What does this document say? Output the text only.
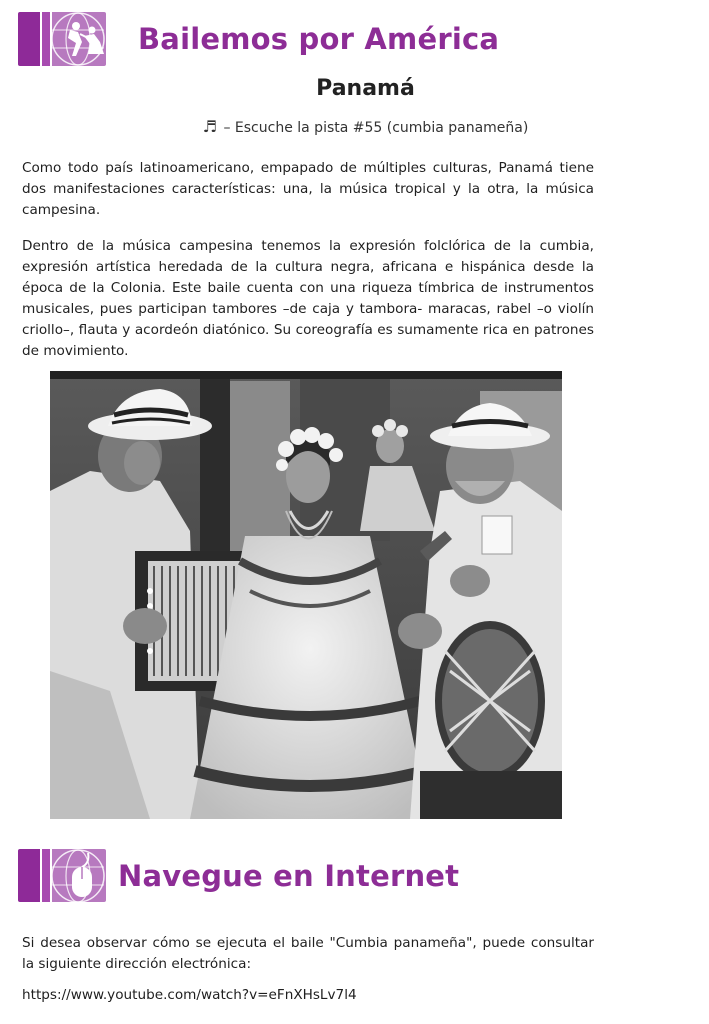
Bailemos por América
Panamá
♬ – Escuche la pista #55 (cumbia panameña)

Como todo país latinoamericano, empapado de múltiples culturas, Panamá tiene dos manifestaciones características: una, la música tropical y la otra, la música campesina.

Dentro de la música campesina tenemos la expresión folclórica de la cumbia, expresión artística heredada de la cultura negra, africana e hispánica desde la época de la Colonia. Este baile cuenta con una riqueza tímbrica de instrumentos musicales, pues participan tambores –de caja y tambora- maracas, rabel –o violín criollo–, flauta y acordeón diatónico. Su coreografía es sumamente rica en patrones de movimiento.

Navegue en Internet

Si desea observar cómo se ejecuta el baile "Cumbia panameña", puede consultar la siguiente dirección electrónica:

https://www.youtube.com/watch?v=eFnXHsLv7l4
